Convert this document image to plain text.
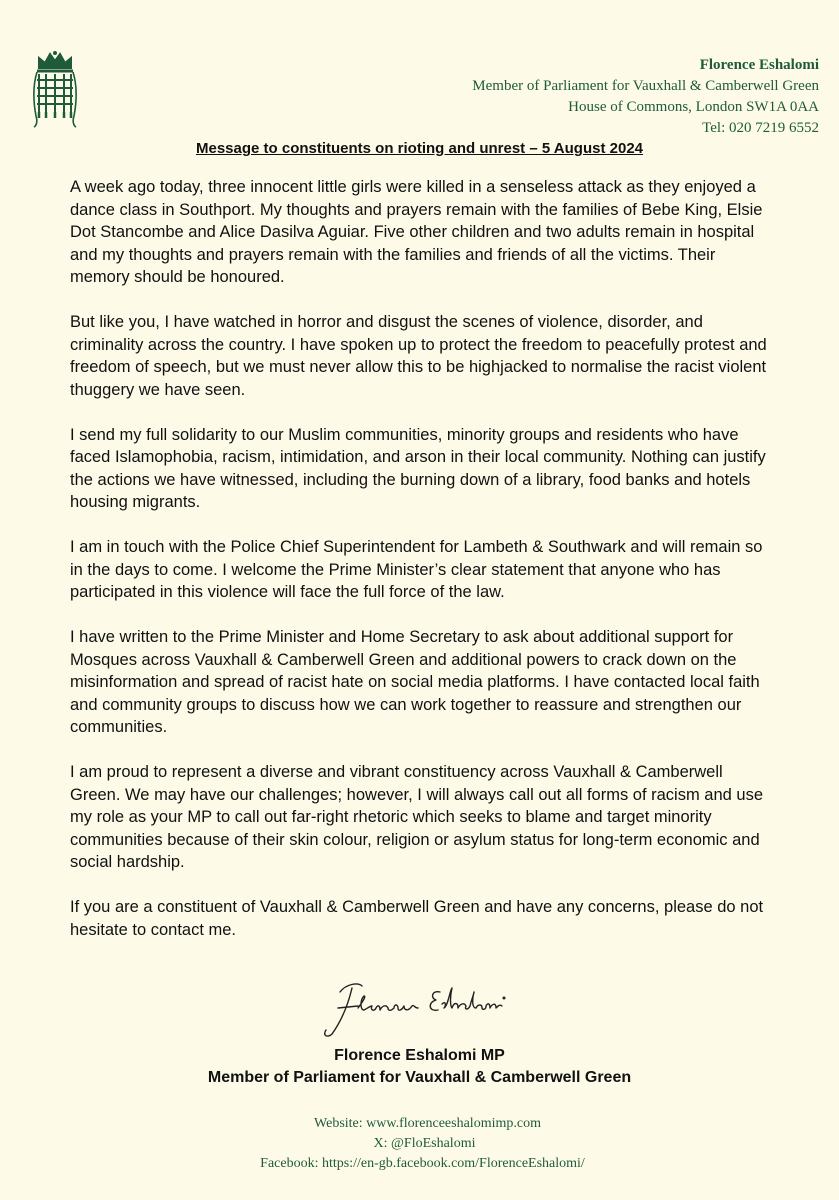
Florence Eshalomi
Member of Parliament for Vauxhall & Camberwell Green
House of Commons, London SW1A 0AA
Tel: 020 7219 6552
Message to constituents on rioting and unrest – 5 August 2024

A week ago today, three innocent little girls were killed in a senseless attack as they enjoyed a dance class in Southport. My thoughts and prayers remain with the families of Bebe King, Elsie Dot Stancombe and Alice Dasilva Aguiar. Five other children and two adults remain in hospital and my thoughts and prayers remain with the families and friends of all the victims. Their memory should be honoured.

But like you, I have watched in horror and disgust the scenes of violence, disorder, and criminality across the country. I have spoken up to protect the freedom to peacefully protest and freedom of speech, but we must never allow this to be highjacked to normalise the racist violent thuggery we have seen.

I send my full solidarity to our Muslim communities, minority groups and residents who have faced Islamophobia, racism, intimidation, and arson in their local community. Nothing can justify the actions we have witnessed, including the burning down of a library, food banks and hotels housing migrants.

I am in touch with the Police Chief Superintendent for Lambeth & Southwark and will remain so in the days to come. I welcome the Prime Minister’s clear statement that anyone who has participated in this violence will face the full force of the law.

I have written to the Prime Minister and Home Secretary to ask about additional support for Mosques across Vauxhall & Camberwell Green and additional powers to crack down on the misinformation and spread of racist hate on social media platforms. I have contacted local faith and community groups to discuss how we can work together to reassure and strengthen our communities.

I am proud to represent a diverse and vibrant constituency across Vauxhall & Camberwell Green. We may have our challenges; however, I will always call out all forms of racism and use my role as your MP to call out far-right rhetoric which seeks to blame and target minority communities because of their skin colour, religion or asylum status for long-term economic and social hardship.

If you are a constituent of Vauxhall & Camberwell Green and have any concerns, please do not hesitate to contact me.

Florence Eshalomi MP
Member of Parliament for Vauxhall & Camberwell Green
Website: www.florenceeshalomimp.com
X: @FloEshalomi
Facebook: https://en-gb.facebook.com/FlorenceEshalomi/
